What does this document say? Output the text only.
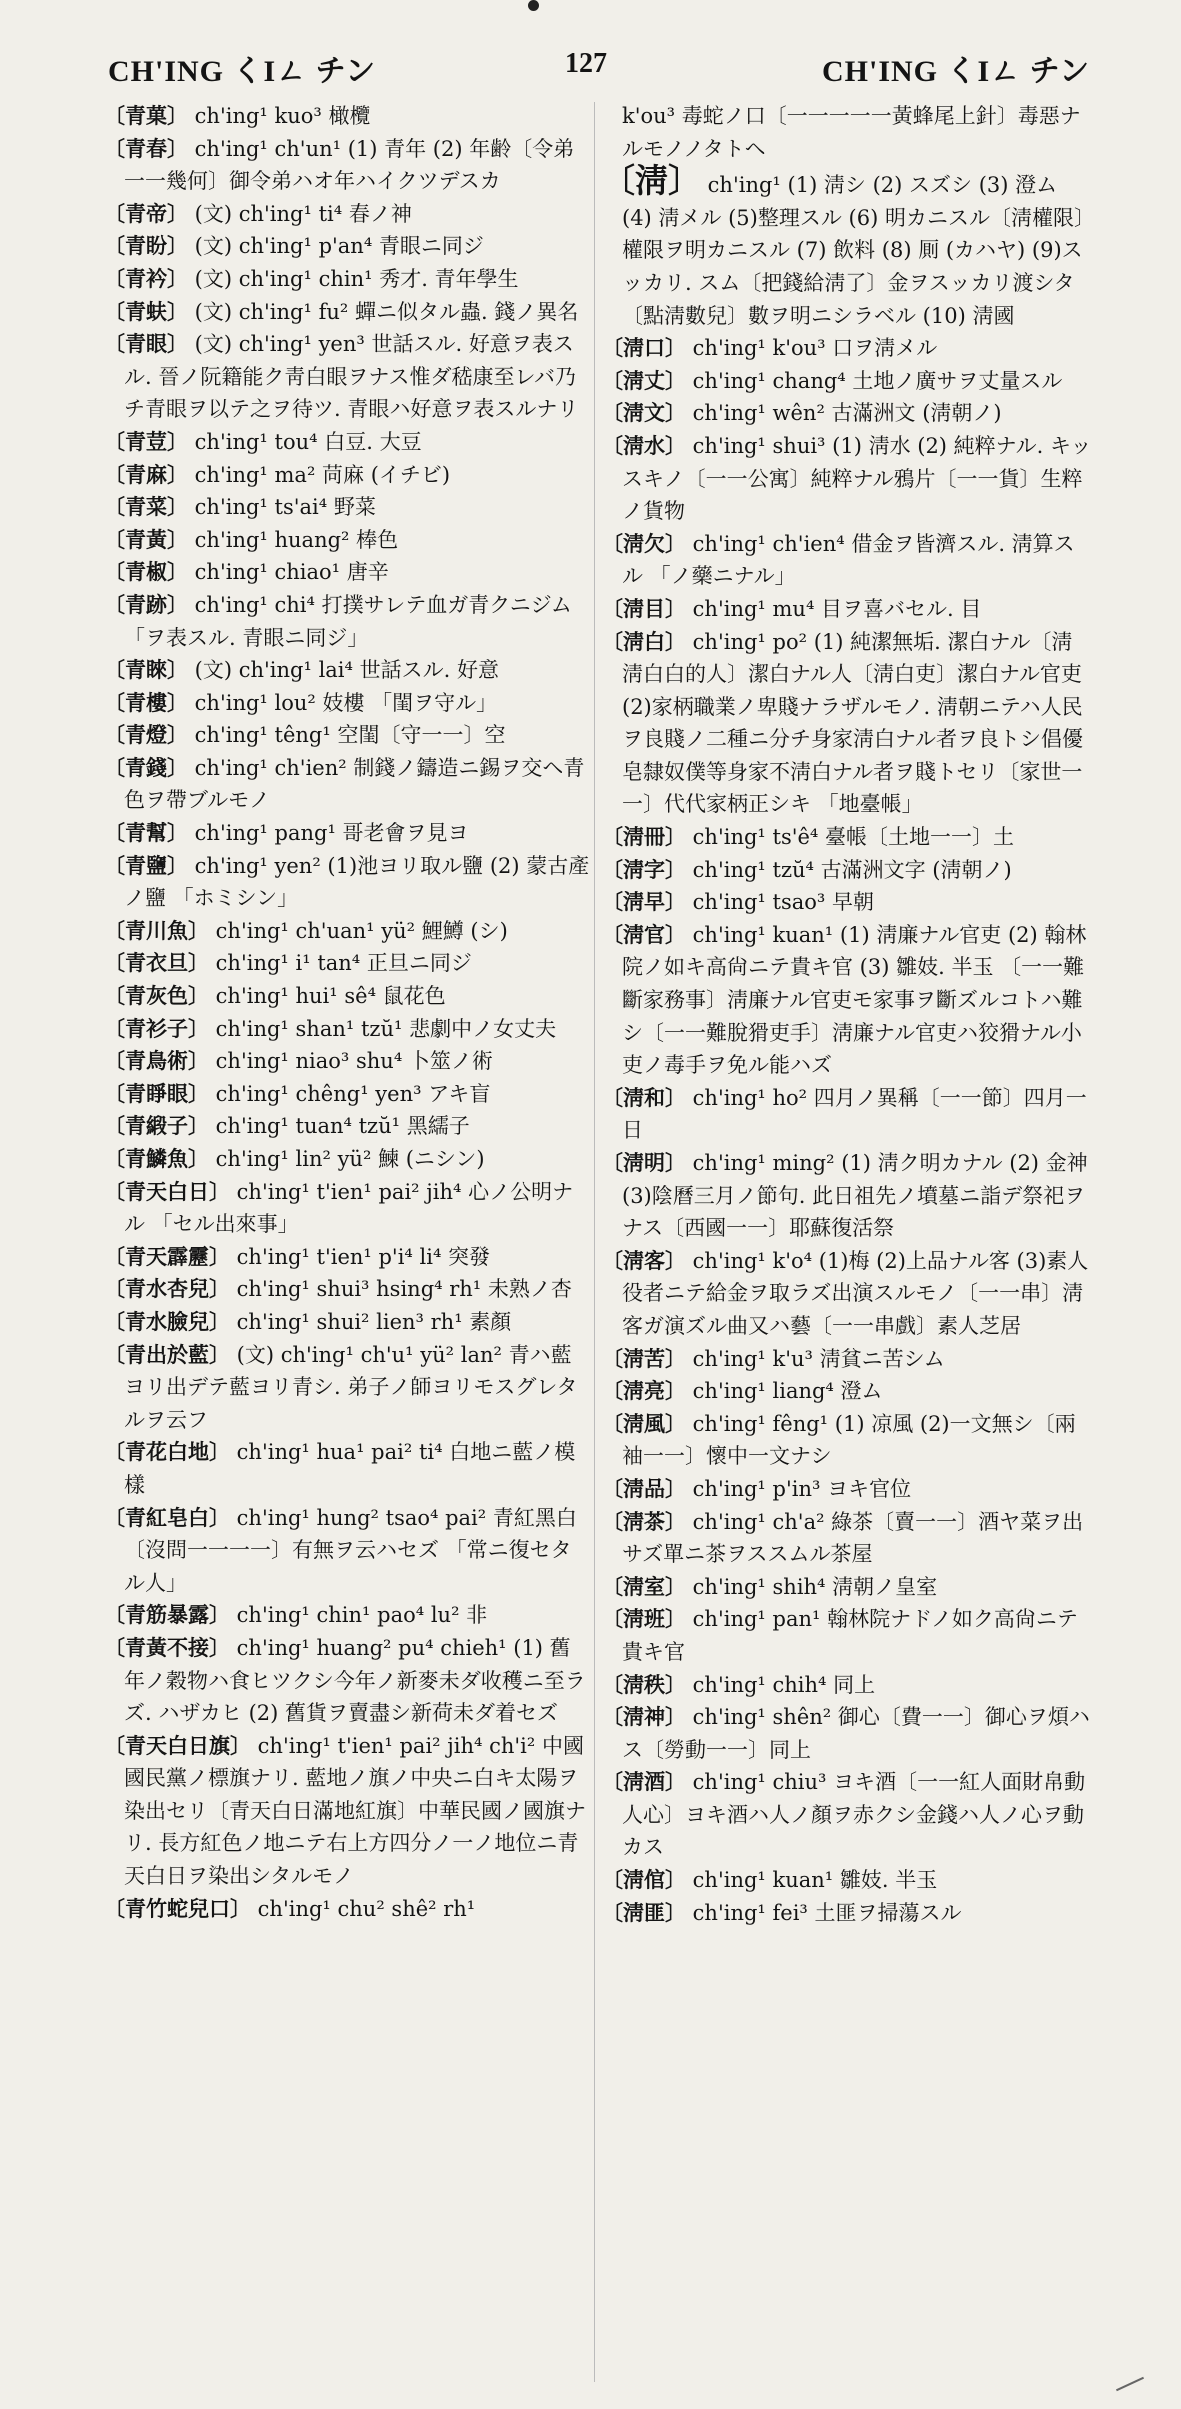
CH'ING くIㄥ チン	127	CH'ING くIㄥ チン

〔青菓〕 ch'ing¹ kuo³ 橄欖

〔青春〕 ch'ing¹ ch'un¹ (1) 青年 (2) 年齢〔令弟一一幾何〕御令弟ハオ年ハイクツデスカ

〔青帝〕 (文) ch'ing¹ ti⁴ 春ノ神

〔青盼〕 (文) ch'ing¹ p'an⁴ 青眼ニ同ジ

〔青衿〕 (文) ch'ing¹ chin¹ 秀才. 青年學生

〔青蚨〕 (文) ch'ing¹ fu² 蟬ニ似タル蟲. 錢ノ異名

〔青眼〕 (文) ch'ing¹ yen³ 世話スル. 好意ヲ表スル. 晉ノ阮籍能ク靑白眼ヲナス惟ダ嵇康至レバ乃チ青眼ヲ以テ之ヲ待ツ. 青眼ハ好意ヲ表スルナリ

〔青荳〕 ch'ing¹ tou⁴ 白豆. 大豆

〔青麻〕 ch'ing¹ ma² 苘麻 (イチビ)

〔青菜〕 ch'ing¹ ts'ai⁴ 野菜

〔青黃〕 ch'ing¹ huang² 棒色

〔青椒〕 ch'ing¹ chiao¹ 唐辛

〔青跡〕 ch'ing¹ chi⁴ 打撲サレテ血ガ青クニジム 「ヲ表スル. 青眼ニ同ジ」

〔青睞〕 (文) ch'ing¹ lai⁴ 世話スル. 好意

〔青樓〕 ch'ing¹ lou² 妓樓 「閨ヲ守ル」

〔青燈〕 ch'ing¹ têng¹ 空閨〔守一一〕空

〔青錢〕 ch'ing¹ ch'ien² 制錢ノ鑄造ニ錫ヲ交ヘ青色ヲ帶ブルモノ

〔青幫〕 ch'ing¹ pang¹ 哥老會ヲ見ヨ

〔青鹽〕 ch'ing¹ yen² (1)池ヨリ取ル鹽 (2) 蒙古產ノ鹽 「ホミシン」

〔青川魚〕 ch'ing¹ ch'uan¹ yü² 鯉鱒 (シ)

〔青衣旦〕 ch'ing¹ i¹ tan⁴ 正旦ニ同ジ

〔青灰色〕 ch'ing¹ hui¹ sê⁴ 鼠花色

〔青衫子〕 ch'ing¹ shan¹ tzŭ¹ 悲劇中ノ女丈夫

〔青鳥術〕 ch'ing¹ niao³ shu⁴ 卜筮ノ術

〔青睜眼〕 ch'ing¹ chêng¹ yen³ アキ盲

〔青緞子〕 ch'ing¹ tuan⁴ tzŭ¹ 黑繻子

〔青鱗魚〕 ch'ing¹ lin² yü² 鰊 (ニシン)

〔青天白日〕 ch'ing¹ t'ien¹ pai² jih⁴ 心ノ公明ナル 「セル出來事」

〔青天霹靂〕 ch'ing¹ t'ien¹ p'i⁴ li⁴ 突發

〔青水杏兒〕 ch'ing¹ shui³ hsing⁴ rh¹ 未熟ノ杏

〔青水臉兒〕 ch'ing¹ shui² lien³ rh¹ 素顏

〔青出於藍〕 (文) ch'ing¹ ch'u¹ yü² lan² 青ハ藍ヨリ出デテ藍ヨリ青シ. 弟子ノ師ヨリモスグレタルヲ云フ

〔青花白地〕 ch'ing¹ hua¹ pai² ti⁴ 白地ニ藍ノ模樣

〔青紅皂白〕 ch'ing¹ hung² tsao⁴ pai² 青紅黑白〔沒問一一一一〕有無ヲ云ハセズ 「常ニ復セタル人」

〔青筋暴露〕 ch'ing¹ chin¹ pao⁴ lu² 非

〔青黃不接〕 ch'ing¹ huang² pu⁴ chieh¹ (1) 舊年ノ穀物ハ食ヒツクシ今年ノ新麥未ダ收穫ニ至ラズ. ハザカヒ (2) 舊貨ヲ賣盡シ新荷未ダ着セズ

〔青天白日旗〕 ch'ing¹ t'ien¹ pai² jih⁴ ch'i² 中國國民黨ノ標旗ナリ. 藍地ノ旗ノ中央ニ白キ太陽ヲ染出セリ〔青天白日滿地紅旗〕中華民國ノ國旗ナリ. 長方紅色ノ地ニテ右上方四分ノ一ノ地位ニ青天白日ヲ染出シタルモノ

〔青竹蛇兒口〕 ch'ing¹ chu² shê² rh¹

k'ou³ 毒蛇ノ口〔一一一一一黃蜂尾上針〕毒惡ナルモノノタトヘ

〔淸〕 ch'ing¹ (1) 淸シ (2) スズシ (3) 澄ム (4) 淸メル (5)整理スル (6) 明カニスル〔淸權限〕權限ヲ明カニスル (7) 飲料 (8) 厠 (カハヤ) (9)スッカリ. スム〔把錢給淸了〕金ヲスッカリ渡シタ〔點淸數兒〕數ヲ明ニシラベル (10) 淸國

〔淸口〕 ch'ing¹ k'ou³ 口ヲ淸メル

〔淸丈〕 ch'ing¹ chang⁴ 土地ノ廣サヲ丈量スル

〔淸文〕 ch'ing¹ wên² 古滿洲文 (淸朝ノ)

〔淸水〕 ch'ing¹ shui³ (1) 淸水 (2) 純粹ナル. キッスキノ〔一一公寓〕純粹ナル鴉片〔一一貨〕生粹ノ貨物

〔淸欠〕 ch'ing¹ ch'ien⁴ 借金ヲ皆濟スル. 淸算スル 「ノ藥ニナル」

〔淸目〕 ch'ing¹ mu⁴ 目ヲ喜バセル. 目

〔淸白〕 ch'ing¹ po² (1) 純潔無垢. 潔白ナル〔淸淸白白的人〕潔白ナル人〔淸白吏〕潔白ナル官吏 (2)家柄職業ノ卑賤ナラザルモノ. 淸朝ニテハ人民ヲ良賤ノ二種ニ分チ身家淸白ナル者ヲ良トシ倡優皂隸奴僕等身家不淸白ナル者ヲ賤トセリ〔家世一一〕代代家柄正シキ 「地臺帳」

〔淸冊〕 ch'ing¹ ts'ê⁴ 臺帳〔土地一一〕土

〔淸字〕 ch'ing¹ tzŭ⁴ 古滿洲文字 (淸朝ノ)

〔淸早〕 ch'ing¹ tsao³ 早朝

〔淸官〕 ch'ing¹ kuan¹ (1) 淸廉ナル官吏 (2) 翰林院ノ如キ高尙ニテ貴キ官 (3) 雛妓. 半玉 〔一一難斷家務事〕淸廉ナル官吏モ家事ヲ斷ズルコトハ難シ〔一一難脫猾吏手〕淸廉ナル官吏ハ狡猾ナル小吏ノ毒手ヲ免ル能ハズ

〔淸和〕 ch'ing¹ ho² 四月ノ異稱〔一一節〕四月一日

〔淸明〕 ch'ing¹ ming² (1) 淸ク明カナル (2) 金神 (3)陰曆三月ノ節句. 此日祖先ノ墳墓ニ詣デ祭祀ヲナス〔西國一一〕耶蘇復活祭

〔淸客〕 ch'ing¹ k'o⁴ (1)梅 (2)上品ナル客 (3)素人役者ニテ給金ヲ取ラズ出演スルモノ〔一一串〕淸客ガ演ズル曲又ハ藝〔一一串戲〕素人芝居

〔淸苦〕 ch'ing¹ k'u³ 淸貧ニ苦シム

〔淸亮〕 ch'ing¹ liang⁴ 澄ム

〔淸風〕 ch'ing¹ fêng¹ (1) 凉風 (2)一文無シ〔兩袖一一〕懷中一文ナシ

〔淸品〕 ch'ing¹ p'in³ ヨキ官位

〔淸茶〕 ch'ing¹ ch'a² 綠茶〔賣一一〕酒ヤ菜ヲ出サズ單ニ茶ヲススムル茶屋

〔淸室〕 ch'ing¹ shih⁴ 淸朝ノ皇室

〔淸班〕 ch'ing¹ pan¹ 翰林院ナドノ如ク高尙ニテ貴キ官

〔淸秩〕 ch'ing¹ chih⁴ 同上

〔淸神〕 ch'ing¹ shên² 御心〔費一一〕御心ヲ煩ハス〔勞動一一〕同上

〔淸酒〕 ch'ing¹ chiu³ ヨキ酒〔一一紅人面財帛動人心〕ヨキ酒ハ人ノ顏ヲ赤クシ金錢ハ人ノ心ヲ動カス

〔淸倌〕 ch'ing¹ kuan¹ 雛妓. 半玉

〔淸匪〕 ch'ing¹ fei³ 土匪ヲ掃蕩スル
